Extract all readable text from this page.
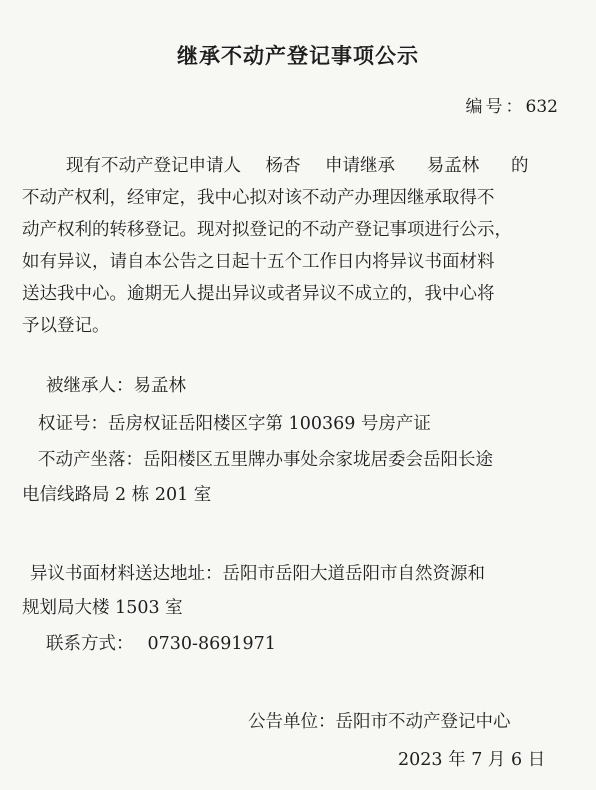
继承不动产登记事项公示
编号：632
现有不动产登记申请人 杨杏 申请继承 易孟林 的
不动产权利，经审定，我中心拟对该不动产办理因继承取得不
动产权利的转移登记。现对拟登记的不动产登记事项进行公示，
如有异议，请自本公告之日起十五个工作日内将异议书面材料
送达我中心。逾期无人提出异议或者异议不成立的，我中心将
予以登记。
被继承人：易孟林
权证号：岳房权证岳阳楼区字第 100369 号房产证
不动产坐落：岳阳楼区五里牌办事处佘家垅居委会岳阳长途
电信线路局 2 栋 201 室
异议书面材料送达地址：岳阳市岳阳大道岳阳市自然资源和
规划局大楼 1503 室
联系方式： 0730-8691971
公告单位：岳阳市不动产登记中心
2023 年 7 月 6 日
